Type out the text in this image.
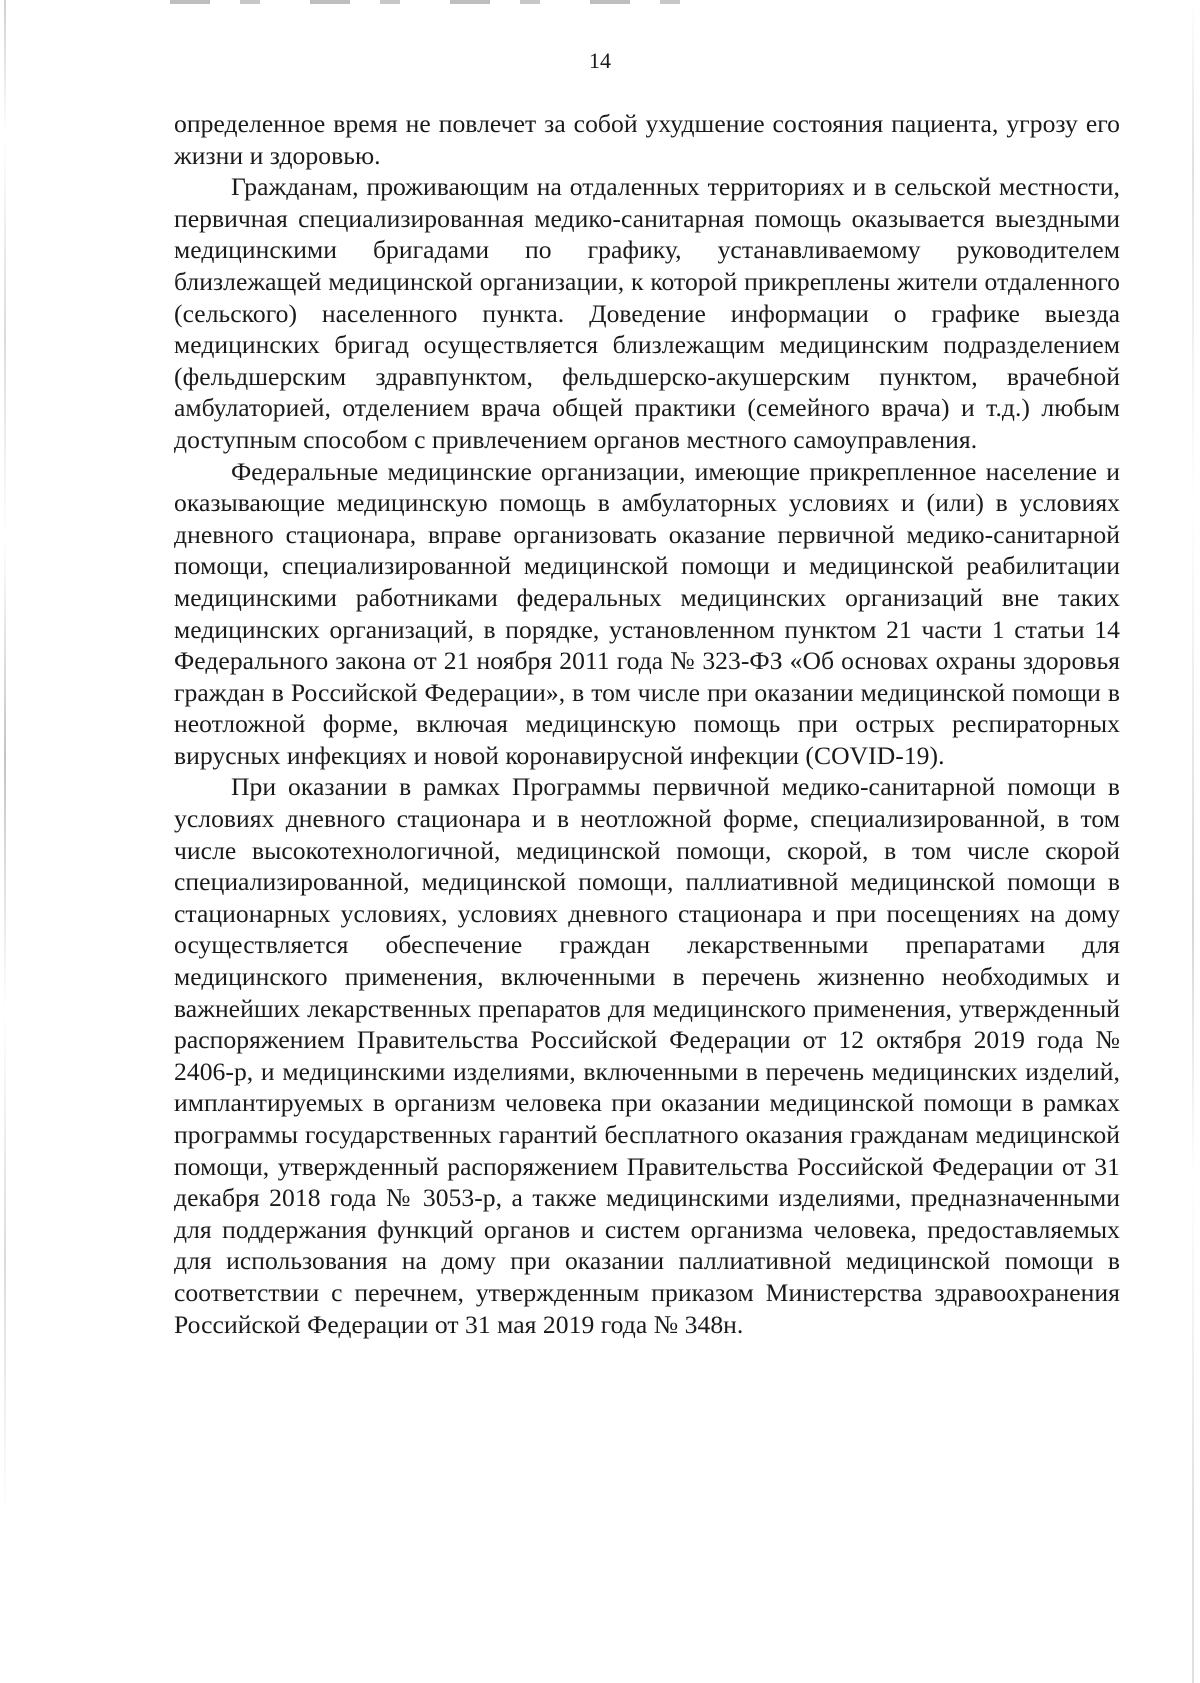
14

определенное время не повлечет за собой ухудшение состояния пациента, угрозу его жизни и здоровью.

Гражданам, проживающим на отдаленных территориях и в сельской местности, первичная специализированная медико-санитарная помощь оказывается выездными медицинскими бригадами по графику, устанавливаемому руководителем близлежащей медицинской организации, к которой прикреплены жители отдаленного (сельского) населенного пункта. Доведение информации о графике выезда медицинских бригад осуществляется близлежащим медицинским подразделением (фельдшерским здравпунктом, фельдшерско-акушерским пунктом, врачебной амбулаторией, отделением врача общей практики (семейного врача) и т.д.) любым доступным способом с привлечением органов местного самоуправления.

Федеральные медицинские организации, имеющие прикрепленное население и оказывающие медицинскую помощь в амбулаторных условиях и (или) в условиях дневного стационара, вправе организовать оказание первичной медико-санитарной помощи, специализированной медицинской помощи и медицинской реабилитации медицинскими работниками федеральных медицинских организаций вне таких медицинских организаций, в порядке, установленном пунктом 21 части 1 статьи 14 Федерального закона от 21 ноября 2011 года № 323-ФЗ «Об основах охраны здоровья граждан в Российской Федерации», в том числе при оказании медицинской помощи в неотложной форме, включая медицинскую помощь при острых респираторных вирусных инфекциях и новой коронавирусной инфекции (COVID-19).

При оказании в рамках Программы первичной медико-санитарной помощи в условиях дневного стационара и в неотложной форме, специализированной, в том числе высокотехнологичной, медицинской помощи, скорой, в том числе скорой специализированной, медицинской помощи, паллиативной медицинской помощи в стационарных условиях, условиях дневного стационара и при посещениях на дому осуществляется обеспечение граждан лекарственными препаратами для медицинского применения, включенными в перечень жизненно необходимых и важнейших лекарственных препаратов для медицинского применения, утвержденный распоряжением Правительства Российской Федерации от 12 октября 2019 года № 2406-р, и медицинскими изделиями, включенными в перечень медицинских изделий, имплантируемых в организм человека при оказании медицинской помощи в рамках программы государственных гарантий бесплатного оказания гражданам медицинской помощи, утвержденный распоряжением Правительства Российской Федерации от 31 декабря 2018 года № 3053-р, а также медицинскими изделиями, предназначенными для поддержания функций органов и систем организма человека, предоставляемых для использования на дому при оказании паллиативной медицинской помощи в соответствии с перечнем, утвержденным приказом Министерства здравоохранения Российской Федерации от 31 мая 2019 года № 348н.
